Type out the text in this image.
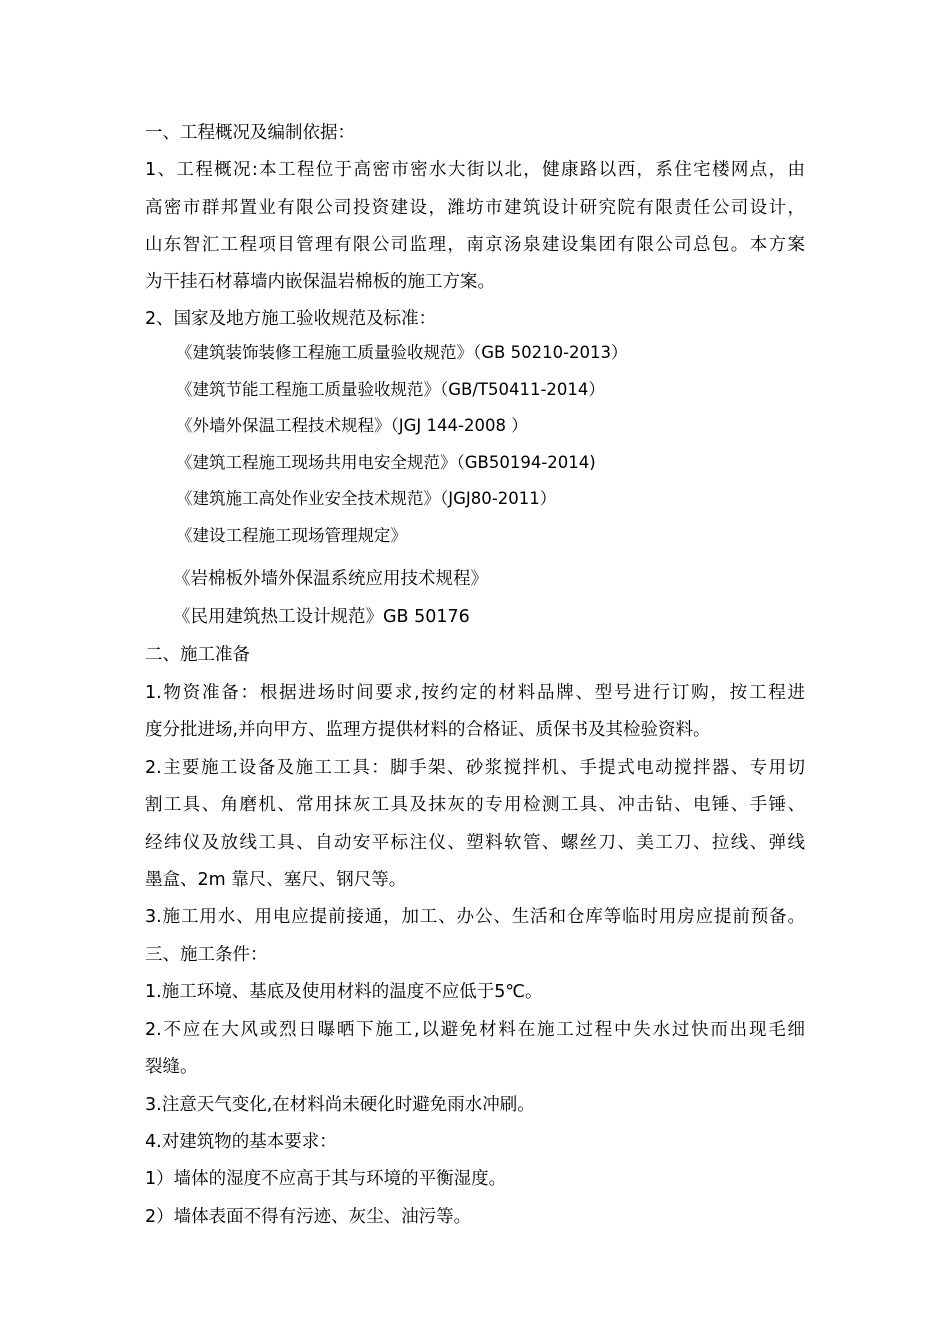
一、工程概况及编制依据：
1、工程概况:本工程位于高密市密水大街以北，健康路以西，系住宅楼网点，由
高密市群邦置业有限公司投资建设，潍坊市建筑设计研究院有限责任公司设计，
山东智汇工程项目管理有限公司监理，南京汤泉建设集团有限公司总包。本方案
为干挂石材幕墙内嵌保温岩棉板的施工方案。
2、国家及地方施工验收规范及标准：
《建筑装饰装修工程施工质量验收规范》（GB 50210-2013）
《建筑节能工程施工质量验收规范》（GB/T50411-2014）
《外墙外保温工程技术规程》（JGJ 144-2008 ）
《建筑工程施工现场共用电安全规范》（GB50194-2014)
《建筑施工高处作业安全技术规范》（JGJ80-2011）
《建设工程施工现场管理规定》
《岩棉板外墙外保温系统应用技术规程》
《民用建筑热工设计规范》GB 50176
二、施工准备
1.物资准备：根据进场时间要求,按约定的材料品牌、型号进行订购，按工程进
度分批进场,并向甲方、监理方提供材料的合格证、质保书及其检验资料。
2.主要施工设备及施工工具：脚手架、砂浆搅拌机、手提式电动搅拌器、专用切
割工具、角磨机、常用抹灰工具及抹灰的专用检测工具、冲击钻、电锤、手锤、
经纬仪及放线工具、自动安平标注仪、塑料软管、螺丝刀、美工刀、拉线、弹线
墨盒、2m 靠尺、塞尺、钢尺等。
3.施工用水、用电应提前接通，加工、办公、生活和仓库等临时用房应提前预备。
三、施工条件：
1.施工环境、基底及使用材料的温度不应低于5℃。
2.不应在大风或烈日曝晒下施工,以避免材料在施工过程中失水过快而出现毛细
裂缝。
3.注意天气变化,在材料尚未硬化时避免雨水冲刷。
4.对建筑物的基本要求：
1）墙体的湿度不应高于其与环境的平衡湿度。
2）墙体表面不得有污迹、灰尘、油污等。
